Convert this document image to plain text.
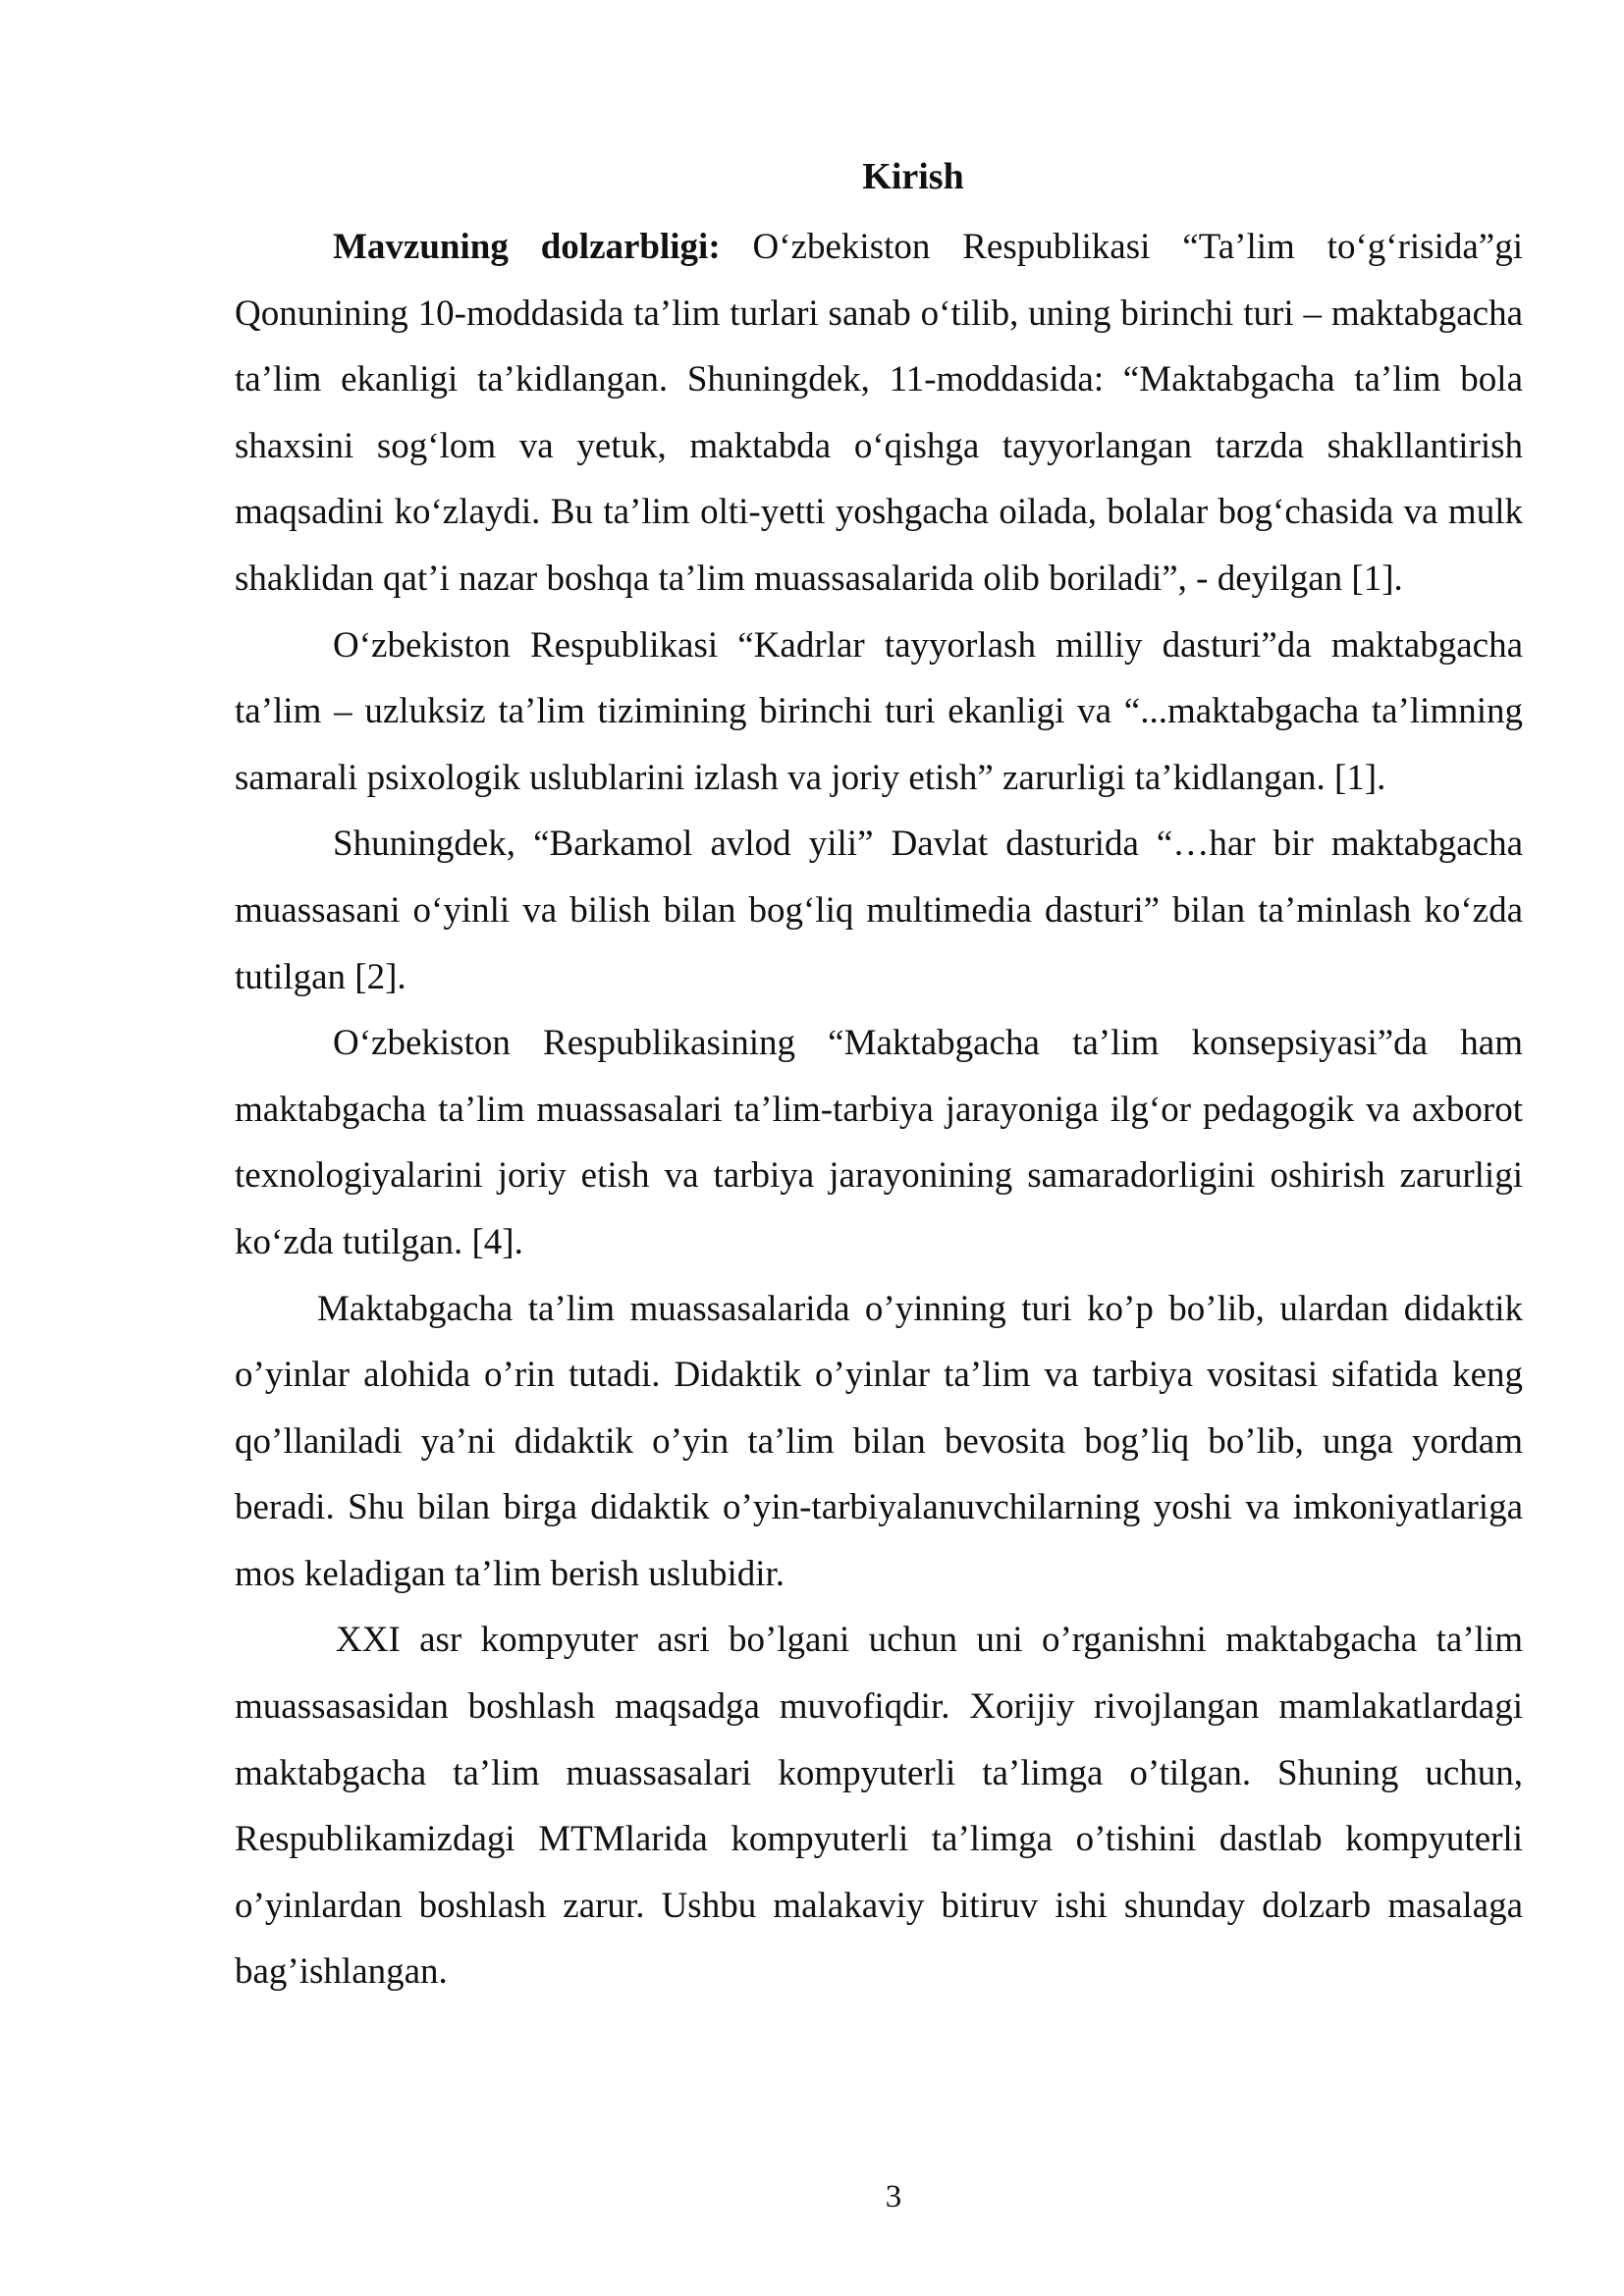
Kirish

Mavzuning dolzarbligi: O‘zbekiston Respublikasi “Ta’lim to‘g‘risida”gi Qonunining 10-moddasida ta’lim turlari sanab o‘tilib, uning birinchi turi – maktabgacha ta’lim ekanligi ta’kidlangan. Shuningdek, 11-moddasida: “Maktabgacha ta’lim bola shaxsini sog‘lom va yetuk, maktabda o‘qishga tayyorlangan tarzda shakllantirish maqsadini ko‘zlaydi. Bu ta’lim olti-yetti yoshgacha oilada, bolalar bog‘chasida va mulk shaklidan qat’i nazar boshqa ta’lim muassasalarida olib boriladi”, - deyilgan [1].

O‘zbekiston Respublikasi “Kadrlar tayyorlash milliy dasturi”da maktabgacha ta’lim – uzluksiz ta’lim tizimining birinchi turi ekanligi va “...maktabgacha ta’limning samarali psixologik uslublarini izlash va joriy etish” zarurligi ta’kidlangan. [1].

Shuningdek, “Barkamol avlod yili” Davlat dasturida “…har bir maktabgacha muassasani o‘yinli va bilish bilan bog‘liq multimedia dasturi” bilan ta’minlash ko‘zda tutilgan [2].

O‘zbekiston Respublikasining “Maktabgacha ta’lim konsepsiyasi”da ham maktabgacha ta’lim muassasalari ta’lim-tarbiya jarayoniga ilg‘or pedagogik va axborot texnologiyalarini joriy etish va tarbiya jarayonining samaradorligini oshirish zarurligi ko‘zda tutilgan. [4].

Maktabgacha ta’lim muassasalarida o’yinning turi ko’p bo’lib, ulardan didaktik o’yinlar alohida o’rin tutadi. Didaktik o’yinlar ta’lim va tarbiya vositasi sifatida keng qo’llaniladi ya’ni didaktik o’yin ta’lim bilan bevosita bog’liq bo’lib, unga yordam beradi. Shu bilan birga didaktik o’yin-tarbiyalanuvchilarning yoshi va imkoniyatlariga mos keladigan ta’lim berish uslubidir.

XXI asr kompyuter asri bo’lgani uchun uni o’rganishni maktabgacha ta’lim muassasasidan boshlash maqsadga muvofiqdir. Xorijiy rivojlangan mamlakatlardagi maktabgacha ta’lim muassasalari kompyuterli ta’limga o’tilgan. Shuning uchun, Respublikamizdagi MTMlarida kompyuterli ta’limga o’tishini dastlab kompyuterli o’yinlardan boshlash zarur. Ushbu malakaviy bitiruv ishi shunday dolzarb masalaga bag’ishlangan.

3
